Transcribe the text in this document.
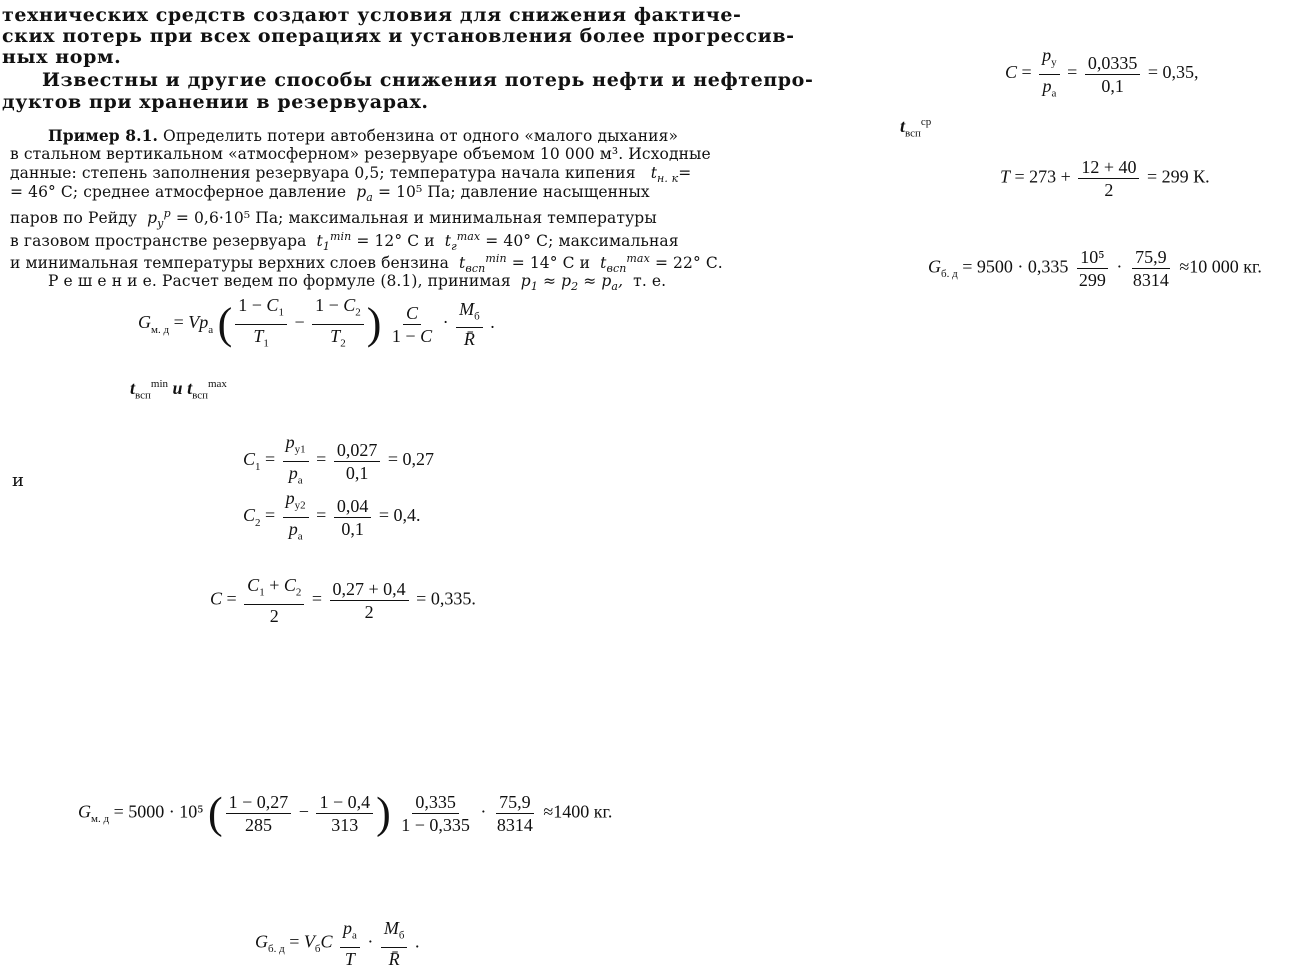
технических средств создают условия для снижения фактиче-
ских потерь при всех операциях и установления более прогрессив-
ных норм.
Известны и другие способы снижения потерь нефти и нефтепро-
дуктов при хранении в резервуарах.
Пример 8.1. Определить потери автобензина от одного «малого дыхания»
в стальном вертикальном «атмосферном» резервуаре объемом 10 000 м³. Исходные
данные: степень заполнения резервуара 0,5; температура начала кипения   $t_{н. к}=$
= 46° С; среднее атмосферное давление  $p_а = 10^5$ Па; давление насыщенных
паров по Рейду  $p_у^р = 0,6\cdot 10^5$ Па; максимальная и минимальная температуры
в газовом пространстве резервуара  $t_1^{min} = 12^\circ$ С и  $t_г^{max} = 40^\circ$ С; максимальная
и минимальная температуры верхних слоев бензина  $t_{всп}^{min} = 14^\circ$ С и  $t_{всп}^{max} = 22^\circ$ С.
Р е ш е н и е. Расчет ведем по формуле (8.1), принимая  $p_1 \approx p_2 \approx p_а$,  т. е.
$G_{м. д} = Vp_а$ ( $\frac{1 - C_1}{T_1} - \frac{1 - C_2}{T_2}$ ) $\frac{C}{1 - C} \cdot \frac{M_б}{R̄}$ .
$t_{всп}^{min}$ и $t_{всп}^{max}$
и
$C_1 = \frac{p_{у1}}{p_а} = \frac{0,027}{0,1} = 0,27$
$C_2 = \frac{p_{у2}}{p_а} = \frac{0,04}{0,1} = 0,4$.
$C = \frac{C_1 + C_2}{2} = \frac{0,27 + 0,4}{2} = 0,335$.
$G_{м. д} = 5000 \cdot 10^5$ ( $\frac{1 - 0,27}{285} - \frac{1 - 0,4}{313}$ ) $\frac{0,335}{1 - 0,335} \cdot \frac{75,9}{8314} \approx 1400$ кг.
$G_{б. д} = V_бC \frac{p_а}{T} \cdot \frac{M_б}{R̄}$ .
$C = \frac{p_у}{p_а} = \frac{0,0335}{0,1} = 0,35$,
$t_{всп}^{ср}$
$T = 273 + \frac{12 + 40}{2} = 299$ К.
$G_{б. д} = 9500 \cdot 0,335 \frac{\text{10⁵}}{299} \cdot \frac{75,9}{8314} \approx 10$ 000 кг.
